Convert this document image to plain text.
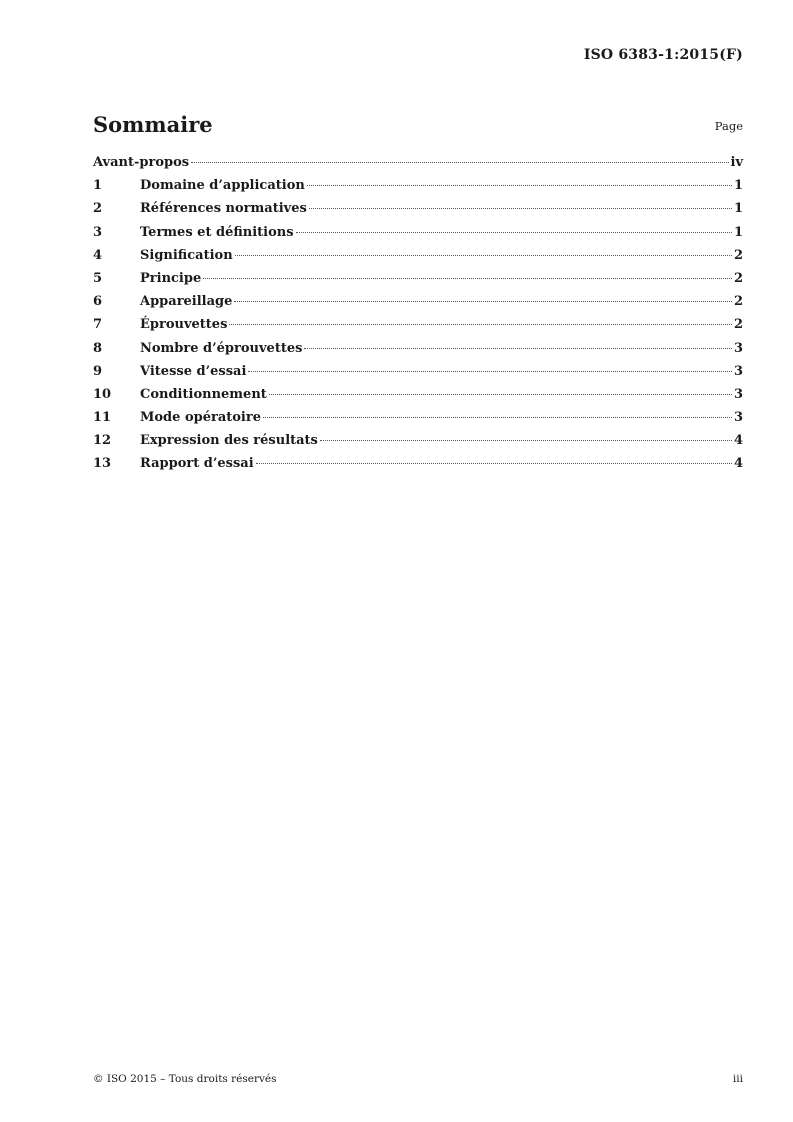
ISO 6383-1:2015(F)
Sommaire	Page
Avant-propos	iv
1	Domaine d’application	1
2	Références normatives	1
3	Termes et définitions	1
4	Signification	2
5	Principe	2
6	Appareillage	2
7	Éprouvettes	2
8	Nombre d’éprouvettes	3
9	Vitesse d’essai	3
10	Conditionnement	3
11	Mode opératoire	3
12	Expression des résultats	4
13	Rapport d’essai	4
© ISO 2015 – Tous droits réservés	iii
